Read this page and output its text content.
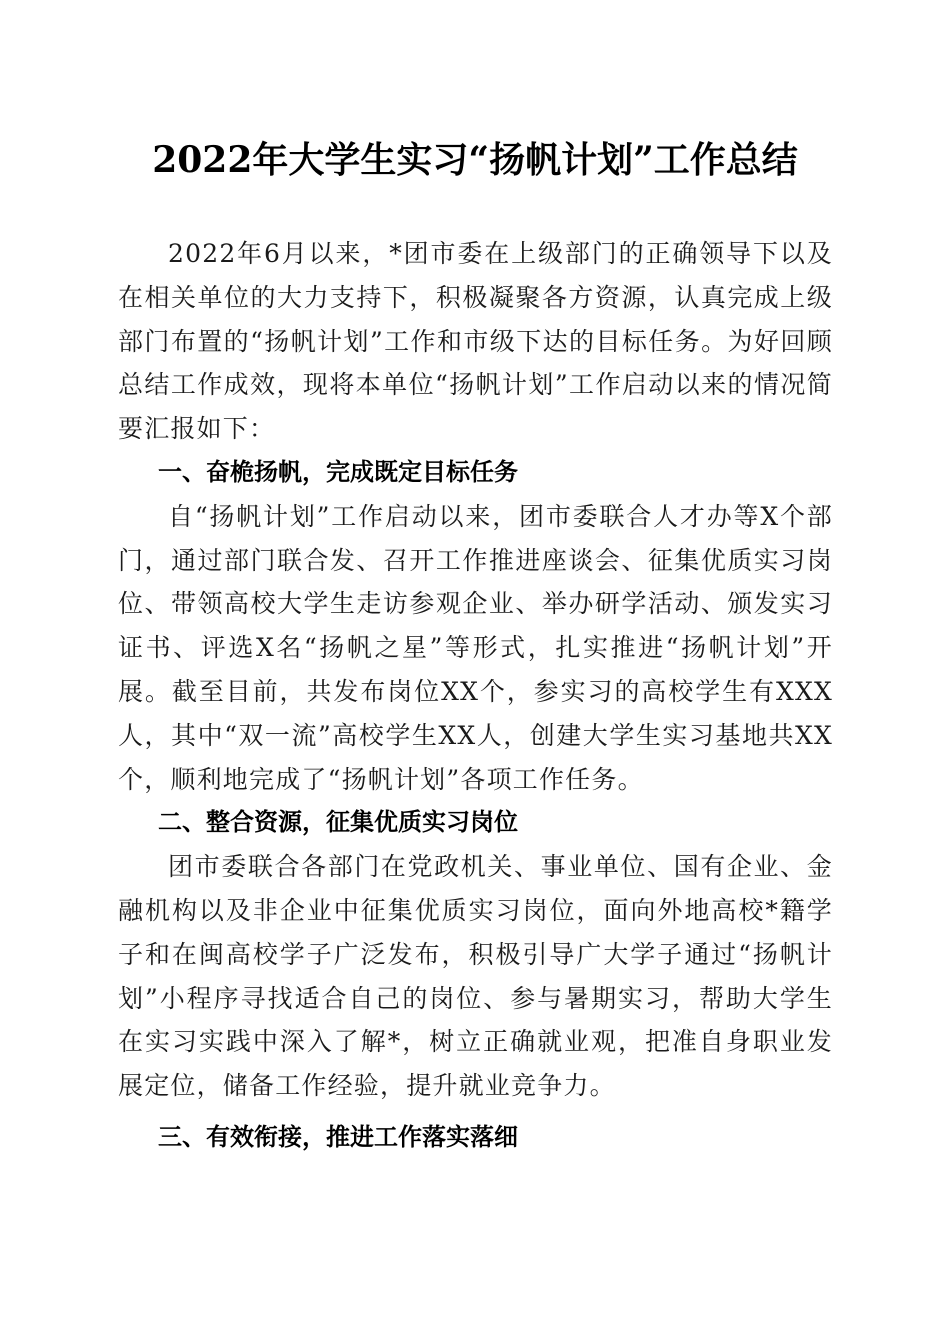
2022年大学生实习“扬帆计划”工作总结

2022年6月以来，*团市委在上级部门的正确领导下以及在相关单位的大力支持下，积极凝聚各方资源，认真完成上级部门布置的“扬帆计划”工作和市级下达的目标任务。为好回顾总结工作成效，现将本单位“扬帆计划”工作启动以来的情况简要汇报如下：

一、奋桅扬帆，完成既定目标任务

自“扬帆计划”工作启动以来，团市委联合人才办等X个部门，通过部门联合发、召开工作推进座谈会、征集优质实习岗位、带领高校大学生走访参观企业、举办研学活动、颁发实习证书、评选X名“扬帆之星”等形式，扎实推进“扬帆计划”开展。截至目前，共发布岗位XX个，参实习的高校学生有XXX人，其中“双一流”高校学生XX人，创建大学生实习基地共XX个，顺利地完成了“扬帆计划”各项工作任务。

二、整合资源，征集优质实习岗位

团市委联合各部门在党政机关、事业单位、国有企业、金融机构以及非企业中征集优质实习岗位，面向外地高校*籍学子和在闽高校学子广泛发布，积极引导广大学子通过“扬帆计划”小程序寻找适合自己的岗位、参与暑期实习，帮助大学生在实习实践中深入了解*，树立正确就业观，把准自身职业发展定位，储备工作经验，提升就业竞争力。

三、有效衔接，推进工作落实落细
